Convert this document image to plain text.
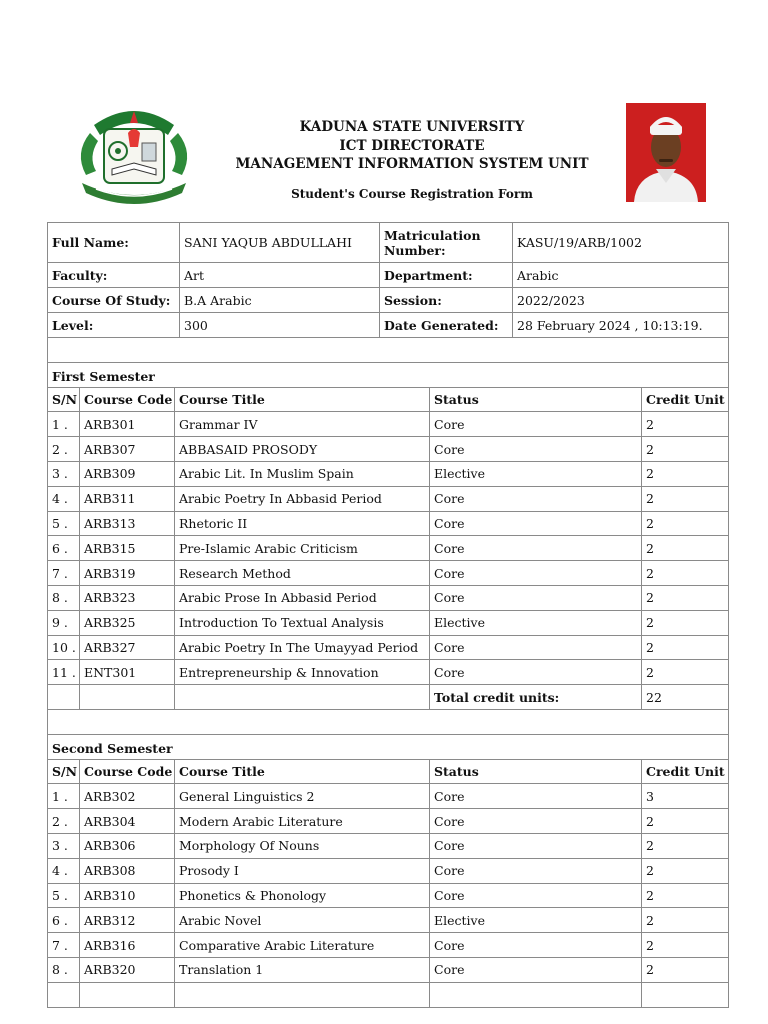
KADUNA STATE UNIVERSITY
ICT DIRECTORATE
MANAGEMENT INFORMATION SYSTEM UNIT
Student's Course Registration Form
Full Name:	SANI YAQUB ABDULLAHI	Matriculation Number:	KASU/19/ARB/1002
Faculty:	Art	Department:	Arabic
Course Of Study:	B.A Arabic	Session:	2022/2023
Level:	300	Date Generated:	28 February 2024 , 10:13:19.

First Semester				
S/N	Course Code	Course Title	Status	Credit Unit
1 .	ARB301	Grammar IV	Core	2
2 .	ARB307	ABBASAID PROSODY	Core	2
3 .	ARB309	Arabic Lit. In Muslim Spain	Elective	2
4 .	ARB311	Arabic Poetry In Abbasid Period	Core	2
5 .	ARB313	Rhetoric II	Core	2
6 .	ARB315	Pre-Islamic Arabic Criticism	Core	2
7 .	ARB319	Research Method	Core	2
8 .	ARB323	Arabic Prose In Abbasid Period	Core	2
9 .	ARB325	Introduction To Textual Analysis	Elective	2
10 .	ARB327	Arabic Poetry In The Umayyad Period	Core	2
11 .	ENT301	Entrepreneurship & Innovation	Core	2
			Total credit units:	22

Second Semester				
S/N	Course Code	Course Title	Status	Credit Unit
1 .	ARB302	General Linguistics 2	Core	3
2 .	ARB304	Modern Arabic Literature	Core	2
3 .	ARB306	Morphology Of Nouns	Core	2
4 .	ARB308	Prosody I	Core	2
5 .	ARB310	Phonetics & Phonology	Core	2
6 .	ARB312	Arabic Novel	Elective	2
7 .	ARB316	Comparative Arabic Literature	Core	2
8 .	ARB320	Translation 1	Core	2
